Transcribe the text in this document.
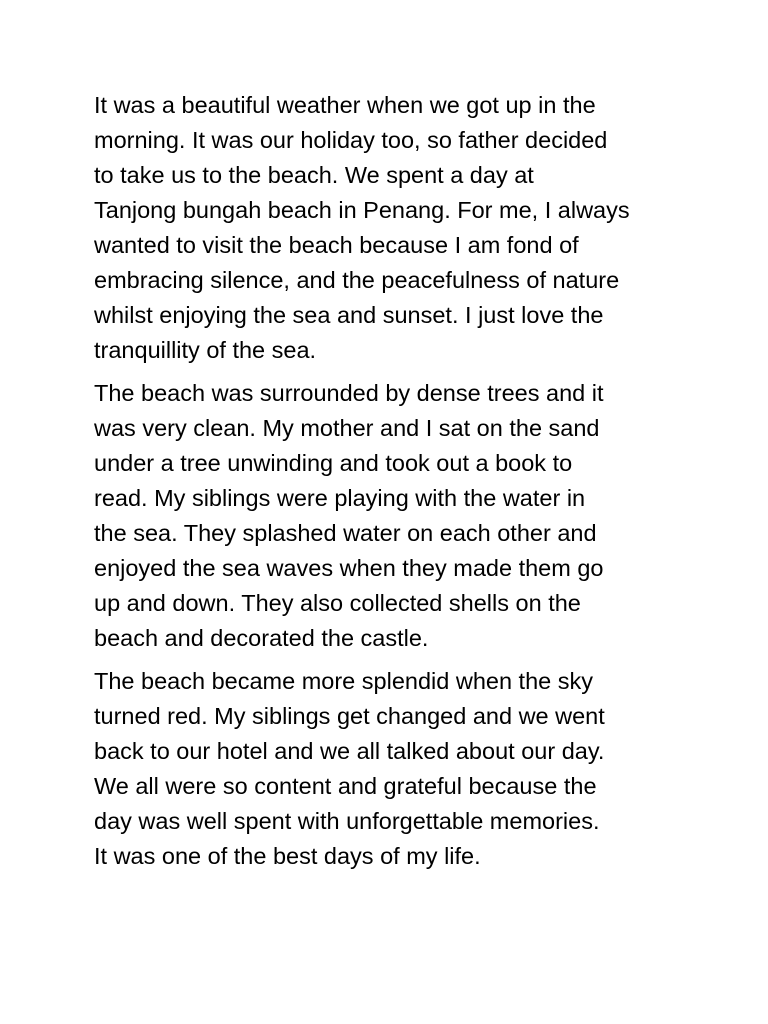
It was a beautiful weather when we got up in the
morning. It was our holiday too, so father decided
to take us to the beach. We spent a day at
Tanjong bungah beach in Penang. For me, I always
wanted to visit the beach because I am fond of
embracing silence, and the peacefulness of nature
whilst enjoying the sea and sunset. I just love the
tranquillity of the sea.

The beach was surrounded by dense trees and it
was very clean. My mother and I sat on the sand
under a tree unwinding and took out a book to
read. My siblings were playing with the water in
the sea. They splashed water on each other and
enjoyed the sea waves when they made them go
up and down. They also collected shells on the
beach and decorated the castle.

The beach became more splendid when the sky
turned red. My siblings get changed and we went
back to our hotel and we all talked about our day.
We all were so content and grateful because the
day was well spent with unforgettable memories.
It was one of the best days of my life.
